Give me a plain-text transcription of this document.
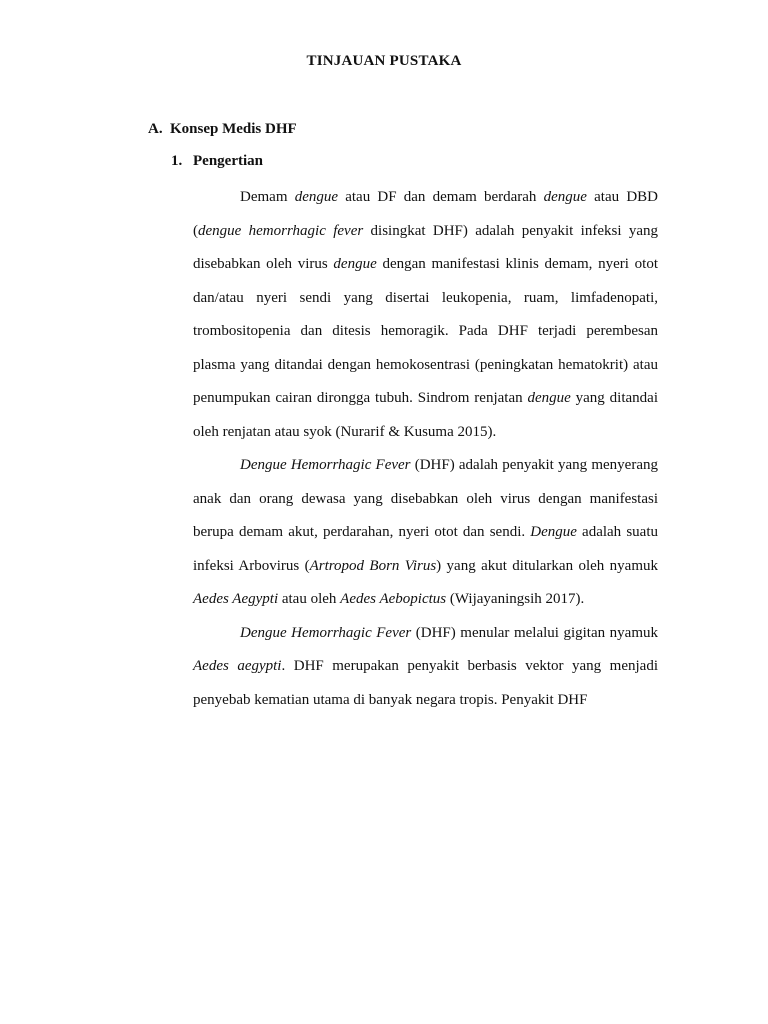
TINJAUAN PUSTAKA
A. Konsep Medis DHF
1. Pengertian

Demam dengue atau DF dan demam berdarah dengue atau DBD (dengue hemorrhagic fever disingkat DHF) adalah penyakit infeksi yang disebabkan oleh virus dengue dengan manifestasi klinis demam, nyeri otot dan/atau nyeri sendi yang disertai leukopenia, ruam, limfadenopati, trombositopenia dan ditesis hemoragik. Pada DHF terjadi perembesan plasma yang ditandai dengan hemokosentrasi (peningkatan hematokrit) atau penumpukan cairan dirongga tubuh. Sindrom renjatan dengue yang ditandai oleh renjatan atau syok (Nurarif & Kusuma 2015).

Dengue Hemorrhagic Fever (DHF) adalah penyakit yang menyerang anak dan orang dewasa yang disebabkan oleh virus dengan manifestasi berupa demam akut, perdarahan, nyeri otot dan sendi. Dengue adalah suatu infeksi Arbovirus (Artropod Born Virus) yang akut ditularkan oleh nyamuk Aedes Aegypti atau oleh Aedes Aebopictus (Wijayaningsih 2017).

Dengue Hemorrhagic Fever (DHF) menular melalui gigitan nyamuk Aedes aegypti. DHF merupakan penyakit berbasis vektor yang menjadi penyebab kematian utama di banyak negara tropis. Penyakit DHF
